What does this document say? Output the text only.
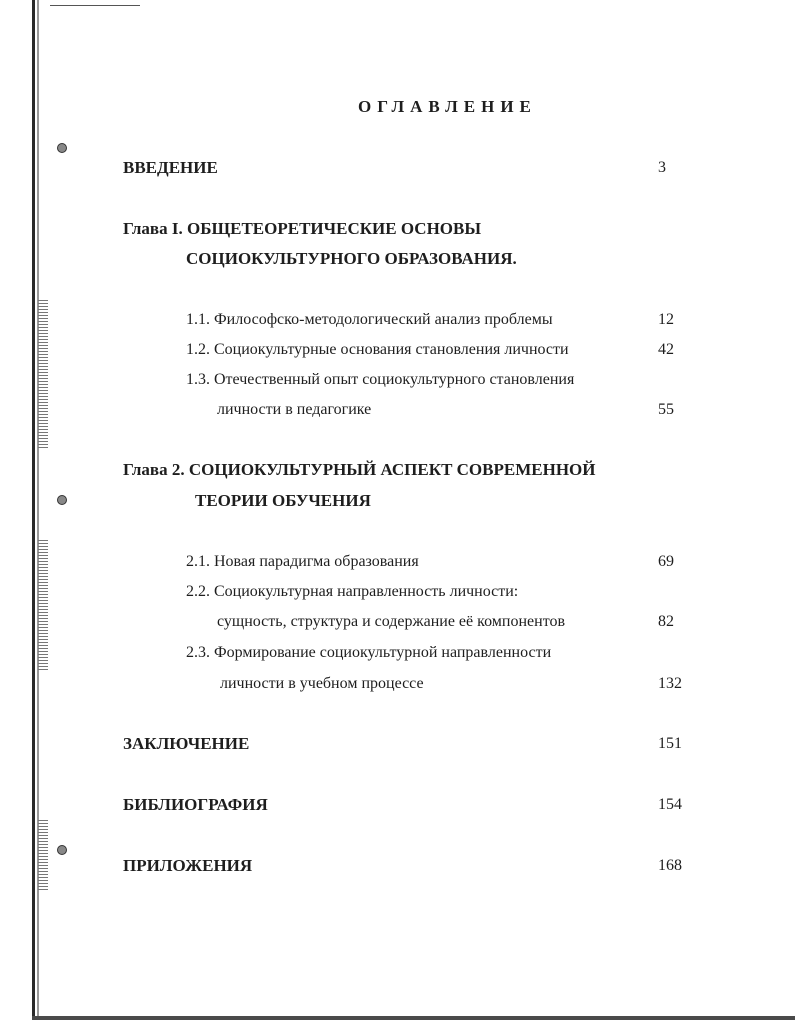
ОГЛАВЛЕНИЕ
ВВЕДЕНИЕ	3
Глава I. ОБЩЕТЕОРЕТИЧЕСКИЕ ОСНОВЫ
СОЦИОКУЛЬТУРНОГО ОБРАЗОВАНИЯ.
1.1. Философско-методологический анализ проблемы	12
1.2. Социокультурные основания становления личности	42
1.3. Отечественный опыт социокультурного становления
личности в педагогике	55
Глава 2. СОЦИОКУЛЬТУРНЫЙ АСПЕКТ СОВРЕМЕННОЙ
ТЕОРИИ ОБУЧЕНИЯ
2.1. Новая парадигма образования	69
2.2. Социокультурная направленность личности:
сущность, структура и содержание её компонентов	82
2.3. Формирование социокультурной направленности
личности в учебном процессе	132
ЗАКЛЮЧЕНИЕ	151
БИБЛИОГРАФИЯ	154
ПРИЛОЖЕНИЯ	168
